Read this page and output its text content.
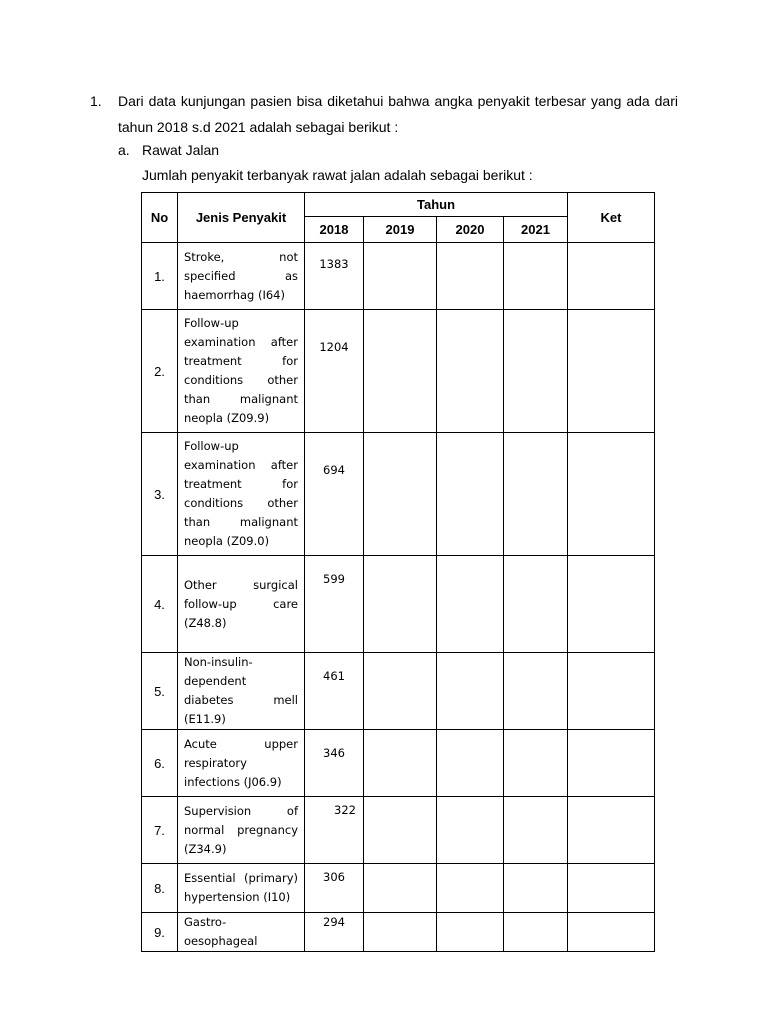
1. Dari data kunjungan pasien bisa diketahui bahwa angka penyakit terbesar yang ada dari
tahun 2018 s.d 2021 adalah sebagai berikut :
a. Rawat Jalan
Jumlah penyakit terbanyak rawat jalan adalah sebagai berikut :
No	Jenis Penyakit	Tahun				Ket
		2018	2019	2020	2021	
1.	Stroke, not specified as haemorrhag (I64)	1383				

2.	Follow-up examination after treatment for conditions other than malignant neopla (Z09.9)	1204				

3.	Follow-up examination after treatment for conditions other than malignant neopla (Z09.0)	694				

4.	Other surgical follow-up care (Z48.8)	599				

5.	Non-insulin-dependent diabetes mell (E11.9)	461				

6.	Acute upper respiratory infections (J06.9)	346				

7.	Supervision of normal pregnancy (Z34.9)	322				

8.	Essential (primary) hypertension (I10)	306				

9.	Gastro-oesophageal	294				
